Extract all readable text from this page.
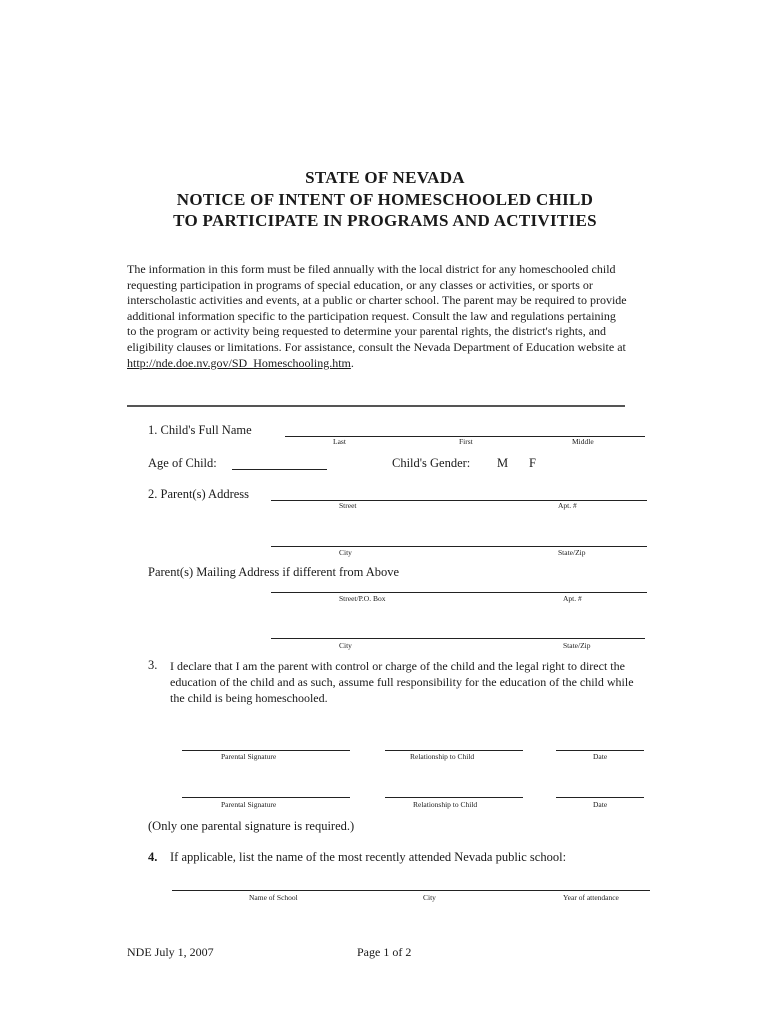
STATE OF NEVADA
NOTICE OF INTENT OF HOMESCHOOLED CHILD
TO PARTICIPATE IN PROGRAMS AND ACTIVITIES
The information in this form must be filed annually with the local district for any homeschooled child requesting participation in programs of special education, or any classes or activities, or sports or interscholastic activities and events, at a public or charter school. The parent may be required to provide additional information specific to the participation request. Consult the law and regulations pertaining to the program or activity being requested to determine your parental rights, the district's rights, and eligibility clauses or limitations. For assistance, consult the Nevada Department of Education website at http://nde.doe.nv.gov/SD_Homeschooling.htm.
1. Child's Full Name
Last	First	Middle
Age of Child:	Child's Gender: M F
2. Parent(s) Address
Street	Apt. #
City	State/Zip
Parent(s) Mailing Address if different from Above
Street/P.O. Box	Apt. #
City	State/Zip
3. I declare that I am the parent with control or charge of the child and the legal right to direct the education of the child and as such, assume full responsibility for the education of the child while the child is being homeschooled.
Parental Signature	Relationship to Child	Date
Parental Signature	Relationship to Child	Date
(Only one parental signature is required.)
4. If applicable, list the name of the most recently attended Nevada public school:
Name of School	City	Year of attendance
NDE July 1, 2007	Page 1 of 2
